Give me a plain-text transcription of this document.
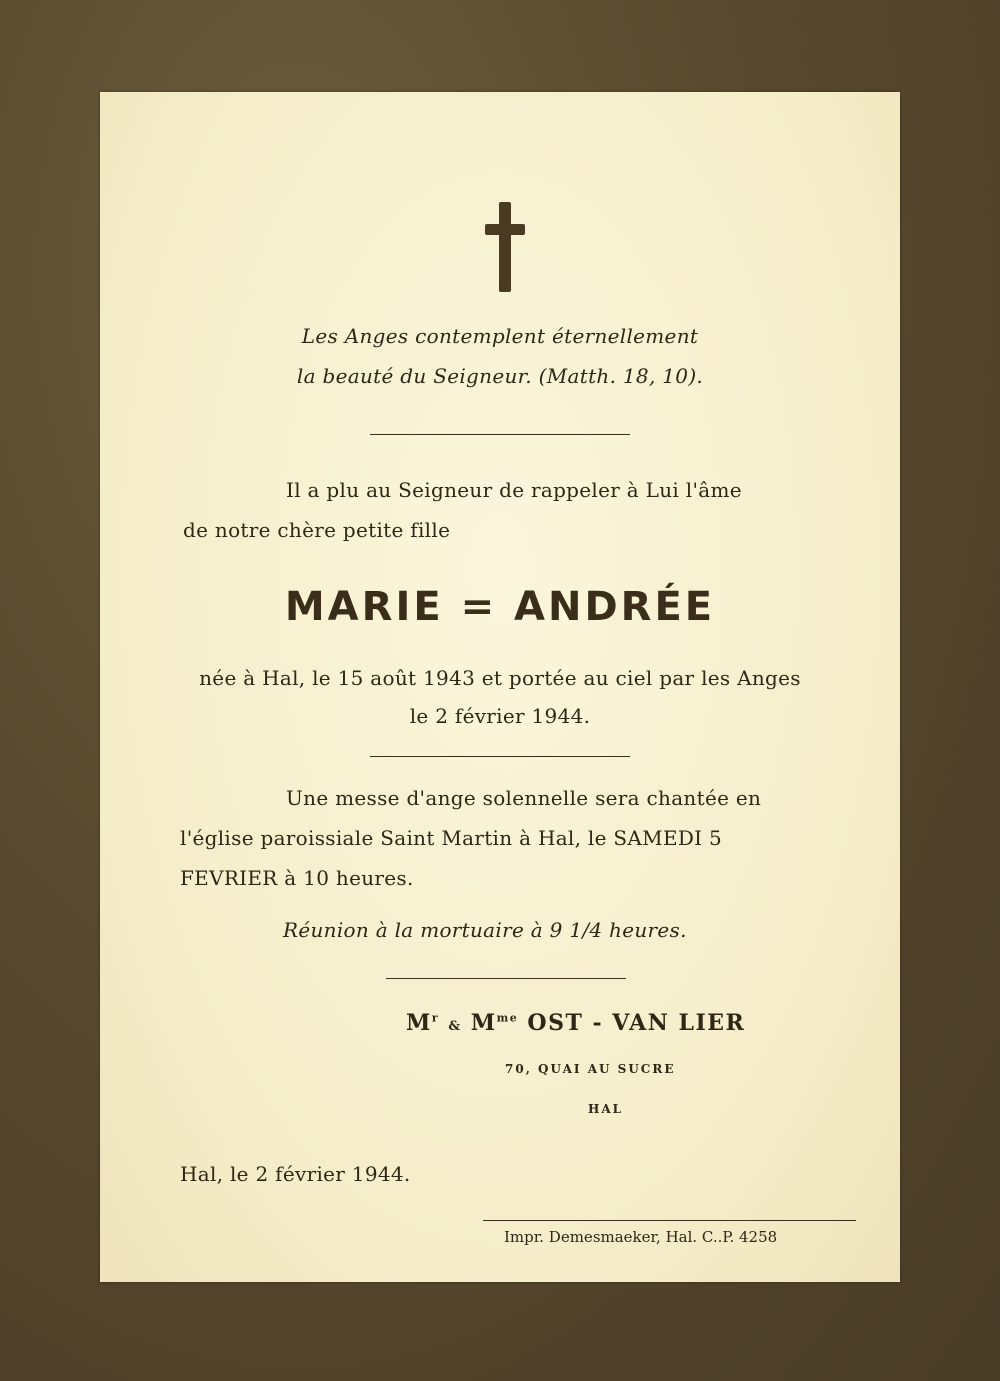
Les Anges contemplent éternellement
la beauté du Seigneur. (Matth. 18, 10).
Il a plu au Seigneur de rappeler à Lui l'âme
de notre chère petite fille
MARIE = ANDRÉE
née à Hal, le 15 août 1943 et portée au ciel par les Anges
le 2 février 1944.
Une messe d'ange solennelle sera chantée en
l'église paroissiale Saint Martin à Hal, le SAMEDI 5
FEVRIER à 10 heures.
Réunion à la mortuaire à 9 1/4 heures.
$M^r$ & $M^{me}$ OST - VAN LIER
70, QUAI AU SUCRE
HAL
Hal, le 2 février 1944.
Impr. Demesmaeker, Hal. C..P. 4258
